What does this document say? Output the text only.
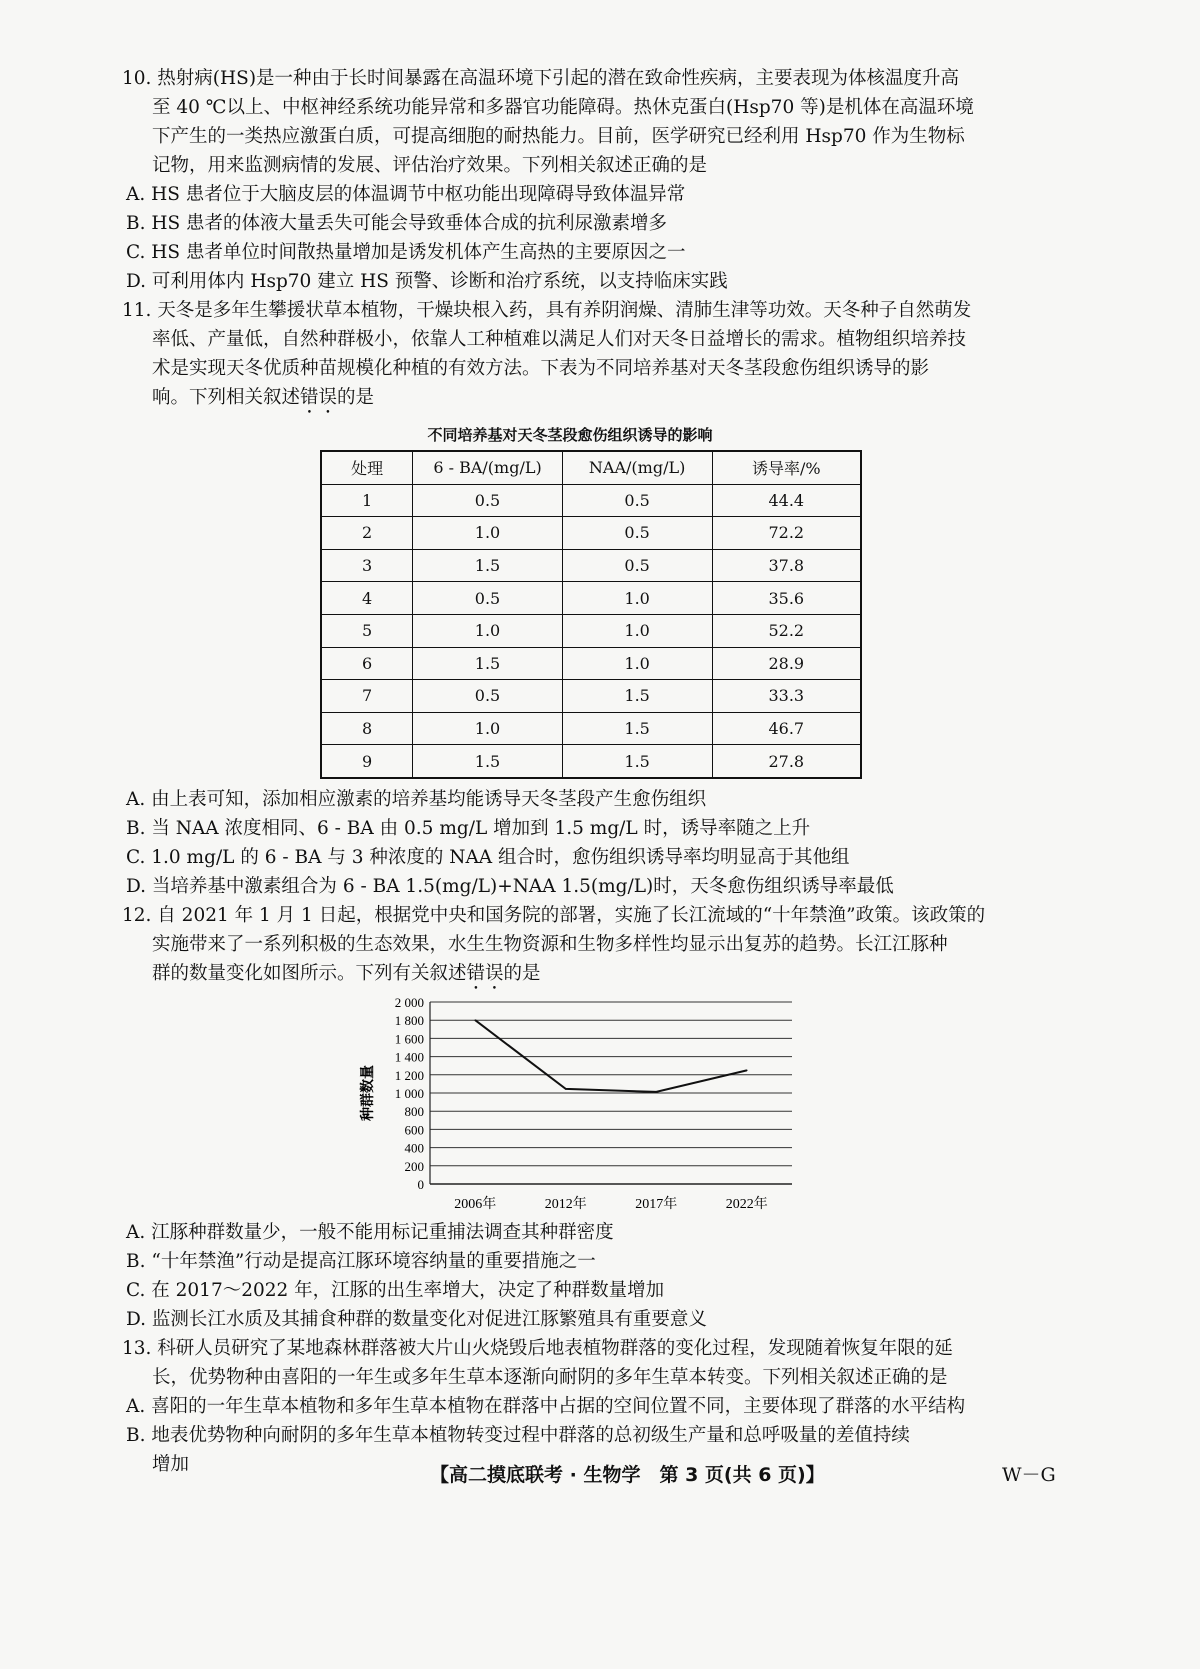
10. 热射病(HS)是一种由于长时间暴露在高温环境下引起的潜在致命性疾病，主要表现为体核温度升高

至 40 ℃以上、中枢神经系统功能异常和多器官功能障碍。热休克蛋白(Hsp70 等)是机体在高温环境

下产生的一类热应激蛋白质，可提高细胞的耐热能力。目前，医学研究已经利用 Hsp70 作为生物标

记物，用来监测病情的发展、评估治疗效果。下列相关叙述正确的是

A. HS 患者位于大脑皮层的体温调节中枢功能出现障碍导致体温异常

B. HS 患者的体液大量丢失可能会导致垂体合成的抗利尿激素增多

C. HS 患者单位时间散热量增加是诱发机体产生高热的主要原因之一

D. 可利用体内 Hsp70 建立 HS 预警、诊断和治疗系统，以支持临床实践

11. 天冬是多年生攀援状草本植物，干燥块根入药，具有养阴润燥、清肺生津等功效。天冬种子自然萌发

率低、产量低，自然种群极小，依靠人工种植难以满足人们对天冬日益增长的需求。植物组织培养技

术是实现天冬优质种苗规模化种植的有效方法。下表为不同培养基对天冬茎段愈伤组织诱导的影

响。下列相关叙述错误的是

不同培养基对天冬茎段愈伤组织诱导的影响
处理	6 - BA/(mg/L)	NAA/(mg/L)	诱导率/%
1	0.5	0.5	44.4
2	1.0	0.5	72.2
3	1.5	0.5	37.8
4	0.5	1.0	35.6
5	1.0	1.0	52.2
6	1.5	1.0	28.9
7	0.5	1.5	33.3
8	1.0	1.5	46.7
9	1.5	1.5	27.8

A. 由上表可知，添加相应激素的培养基均能诱导天冬茎段产生愈伤组织

B. 当 NAA 浓度相同、6 - BA 由 0.5 mg/L 增加到 1.5 mg/L 时，诱导率随之上升

C. 1.0 mg/L 的 6 - BA 与 3 种浓度的 NAA 组合时，愈伤组织诱导率均明显高于其他组

D. 当培养基中激素组合为 6 - BA 1.5(mg/L)+NAA 1.5(mg/L)时，天冬愈伤组织诱导率最低

12. 自 2021 年 1 月 1 日起，根据党中央和国务院的部署，实施了长江流域的“十年禁渔”政策。该政策的

实施带来了一系列积极的生态效果，水生生物资源和生物多样性均显示出复苏的趋势。长江江豚种

群的数量变化如图所示。下列有关叙述错误的是

0
200
400
600
800
1 000
1 200
1 400
1 600
1 800
2 000
2006年	2012年	2017年	2022年
种群数量

A. 江豚种群数量少，一般不能用标记重捕法调查其种群密度

B. “十年禁渔”行动是提高江豚环境容纳量的重要措施之一

C. 在 2017～2022 年，江豚的出生率增大，决定了种群数量增加

D. 监测长江水质及其捕食种群的数量变化对促进江豚繁殖具有重要意义

13. 科研人员研究了某地森林群落被大片山火烧毁后地表植物群落的变化过程，发现随着恢复年限的延

长，优势物种由喜阳的一年生或多年生草本逐渐向耐阴的多年生草本转变。下列相关叙述正确的是

A. 喜阳的一年生草本植物和多年生草本植物在群落中占据的空间位置不同，主要体现了群落的水平结构

B. 地表优势物种向耐阴的多年生草本植物转变过程中群落的总初级生产量和总呼吸量的差值持续

增加	【高二摸底联考 · 生物学　第 3 页(共 6 页)】	W－G
